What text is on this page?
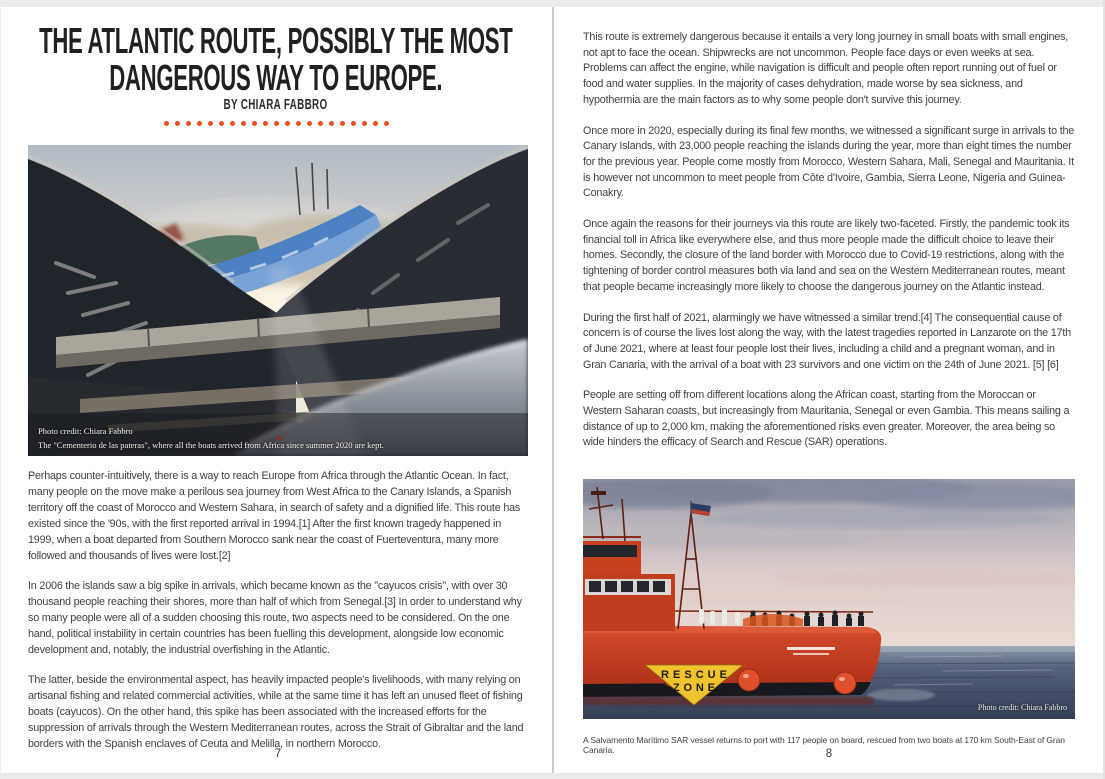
THE ATLANTIC ROUTE, POSSIBLY THE MOST
DANGEROUS WAY TO EUROPE.
BY CHIARA FABBRO
Photo credit: Chiara Fabbro
The "Cementerio de las pateras", where all the boats arrived from Africa since summer 2020 are kept.

Perhaps counter-intuitively, there is a way to reach Europe from Africa through the Atlantic Ocean. In fact, many people on the move make a perilous sea journey from West Africa to the Canary Islands, a Spanish territory off the coast of Morocco and Western Sahara, in search of safety and a dignified life. This route has existed since the '90s, with the first reported arrival in 1994.[1] After the first known tragedy happened in 1999, when a boat departed from Southern Morocco sank near the coast of Fuerteventura, many more followed and thousands of lives were lost.[2]

In 2006 the islands saw a big spike in arrivals, which became known as the "cayucos crisis", with over 30 thousand people reaching their shores, more than half of which from Senegal.[3] In order to understand why so many people were all of a sudden choosing this route, two aspects need to be considered. On the one hand, political instability in certain countries has been fuelling this development, alongside low economic development and, notably, the industrial overfishing in the Atlantic.

The latter, beside the environmental aspect, has heavily impacted people's livelihoods, with many relying on artisanal fishing and related commercial activities, while at the same time it has left an unused fleet of fishing boats (cayucos). On the other hand, this spike has been associated with the increased efforts for the suppression of arrivals through the Western Mediterranean routes, across the Strait of Gibraltar and the land borders with the Spanish enclaves of Ceuta and Melilla, in northern Morocco.

7

This route is extremely dangerous because it entails a very long journey in small boats with small engines, not apt to face the ocean. Shipwrecks are not uncommon. People face days or even weeks at sea. Problems can affect the engine, while navigation is difficult and people often report running out of fuel or food and water supplies. In the majority of cases dehydration, made worse by sea sickness, and hypothermia are the main factors as to why some people don't survive this journey.

Once more in 2020, especially during its final few months, we witnessed a significant surge in arrivals to the Canary Islands, with 23,000 people reaching the islands during the year, more than eight times the number for the previous year. People come mostly from Morocco, Western Sahara, Mali, Senegal and Mauritania. It is however not uncommon to meet people from Côte d'Ivoire, Gambia, Sierra Leone, Nigeria and Guinea-Conakry.

Once again the reasons for their journeys via this route are likely two-faceted. Firstly, the pandemic took its financial toll in Africa like everywhere else, and thus more people made the difficult choice to leave their homes. Secondly, the closure of the land border with Morocco due to Covid-19 restrictions, along with the tightening of border control measures both via land and sea on the Western Mediterranean routes, meant that people became increasingly more likely to choose the dangerous journey on the Atlantic instead.

During the first half of 2021, alarmingly we have witnessed a similar trend.[4] The consequential cause of concern is of course the lives lost along the way, with the latest tragedies reported in Lanzarote on the 17th of June 2021, where at least four people lost their lives, including a child and a pregnant woman, and in Gran Canaria, with the arrival of a boat with 23 survivors and one victim on the 24th of June 2021. [5] [6]

People are setting off from different locations along the African coast, starting from the Moroccan or Western Saharan coasts, but increasingly from Mauritania, Senegal or even Gambia. This means sailing a distance of up to 2,000 km, making the aforementioned risks even greater. Moreover, the area being so wide hinders the efficacy of Search and Rescue (SAR) operations.

RESCUE
ZONE
Photo credit: Chiara Fabbro
A Salvamento Marítimo SAR vessel returns to port with 117 people on board, rescued from two boats at 170 km South-East of Gran Canaria.	8
